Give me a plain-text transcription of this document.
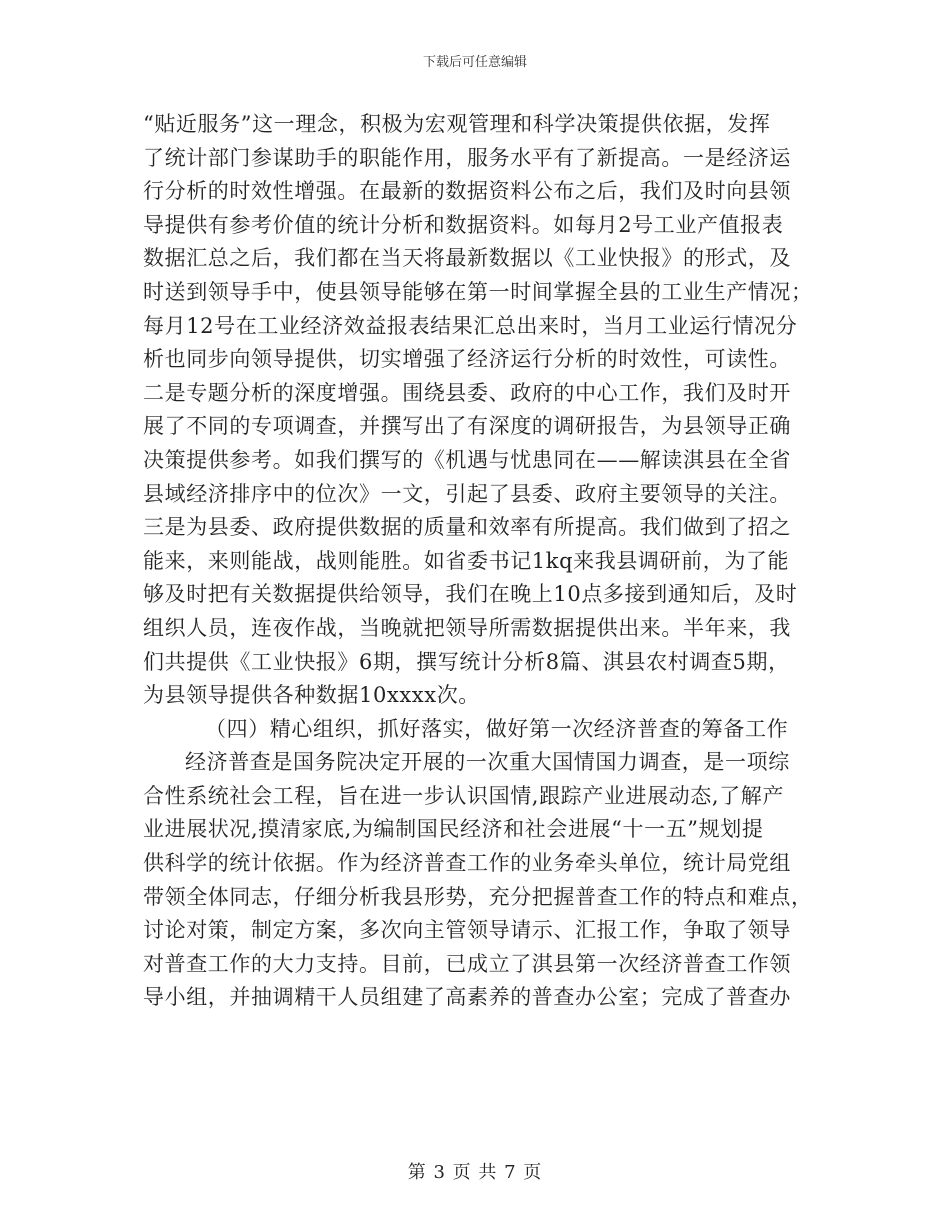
下载后可任意编辑
“贴近服务”这一理念，积极为宏观管理和科学决策提供依据，发挥
了统计部门参谋助手的职能作用，服务水平有了新提高。一是经济运
行分析的时效性增强。在最新的数据资料公布之后，我们及时向县领
导提供有参考价值的统计分析和数据资料。如每月2号工业产值报表
数据汇总之后，我们都在当天将最新数据以《工业快报》的形式，及
时送到领导手中，使县领导能够在第一时间掌握全县的工业生产情况；
每月12号在工业经济效益报表结果汇总出来时，当月工业运行情况分
析也同步向领导提供，切实增强了经济运行分析的时效性，可读性。
二是专题分析的深度增强。围绕县委、政府的中心工作，我们及时开
展了不同的专项调查，并撰写出了有深度的调研报告，为县领导正确
决策提供参考。如我们撰写的《机遇与忧患同在——解读淇县在全省
县域经济排序中的位次》一文，引起了县委、政府主要领导的关注。
三是为县委、政府提供数据的质量和效率有所提高。我们做到了招之
能来，来则能战，战则能胜。如省委书记1kq来我县调研前，为了能
够及时把有关数据提供给领导，我们在晚上10点多接到通知后，及时
组织人员，连夜作战，当晚就把领导所需数据提供出来。半年来，我
们共提供《工业快报》6期，撰写统计分析8篇、淇县农村调查5期，
为县领导提供各种数据10xxxx次。
（四）精心组织，抓好落实，做好第一次经济普查的筹备工作
经济普查是国务院决定开展的一次重大国情国力调查，是一项综
合性系统社会工程，旨在进一步认识国情,跟踪产业进展动态,了解产
业进展状况,摸清家底,为编制国民经济和社会进展“十一五”规划提
供科学的统计依据。作为经济普查工作的业务牵头单位，统计局党组
带领全体同志，仔细分析我县形势，充分把握普查工作的特点和难点，
讨论对策，制定方案，多次向主管领导请示、汇报工作，争取了领导
对普查工作的大力支持。目前，已成立了淇县第一次经济普查工作领
导小组，并抽调精干人员组建了高素养的普查办公室；完成了普查办
第 3 页 共 7 页
